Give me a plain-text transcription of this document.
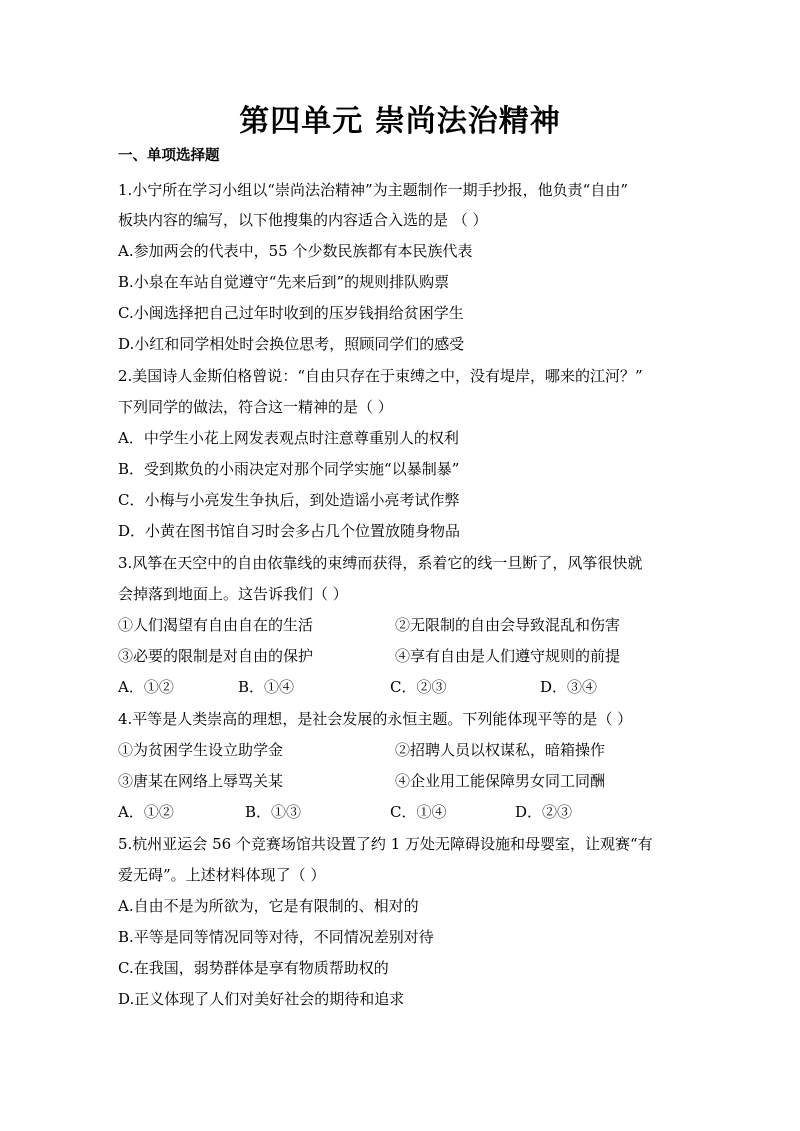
第四单元 崇尚法治精神
一、单项选择题
1.小宁所在学习小组以“崇尚法治精神”为主题制作一期手抄报，他负责“自由”
板块内容的编写，以下他搜集的内容适合入选的是 （ ）
A.参加两会的代表中，55 个少数民族都有本民族代表
B.小泉在车站自觉遵守“先来后到”的规则排队购票
C.小闽选择把自己过年时收到的压岁钱捐给贫困学生
D.小红和同学相处时会换位思考，照顾同学们的感受
2.美国诗人金斯伯格曾说：“自由只存在于束缚之中，没有堤岸，哪来的江河？”
下列同学的做法，符合这一精神的是（ ）
A．中学生小花上网发表观点时注意尊重别人的权利
B．受到欺负的小雨决定对那个同学实施“以暴制暴”
C．小梅与小亮发生争执后，到处造谣小亮考试作弊
D．小黄在图书馆自习时会多占几个位置放随身物品
3.风筝在天空中的自由依靠线的束缚而获得，系着它的线一旦断了，风筝很快就
会掉落到地面上。这告诉我们（ ）
①人们渴望有自由自在的生活	②无限制的自由会导致混乱和伤害
③必要的限制是对自由的保护	④享有自由是人们遵守规则的前提
A．①②	B．①④	C．②③	D．③④
4.平等是人类崇高的理想，是社会发展的永恒主题。下列能体现平等的是（ ）
①为贫困学生设立助学金	②招聘人员以权谋私，暗箱操作
③唐某在网络上辱骂关某	④企业用工能保障男女同工同酬
A．①②	B．①③	C．①④	D．②③
5.杭州亚运会 56 个竞赛场馆共设置了约 1 万处无障碍设施和母婴室，让观赛“有
爱无碍”。上述材料体现了（ ）
A.自由不是为所欲为，它是有限制的、相对的
B.平等是同等情况同等对待，不同情况差别对待
C.在我国，弱势群体是享有物质帮助权的
D.正义体现了人们对美好社会的期待和追求
